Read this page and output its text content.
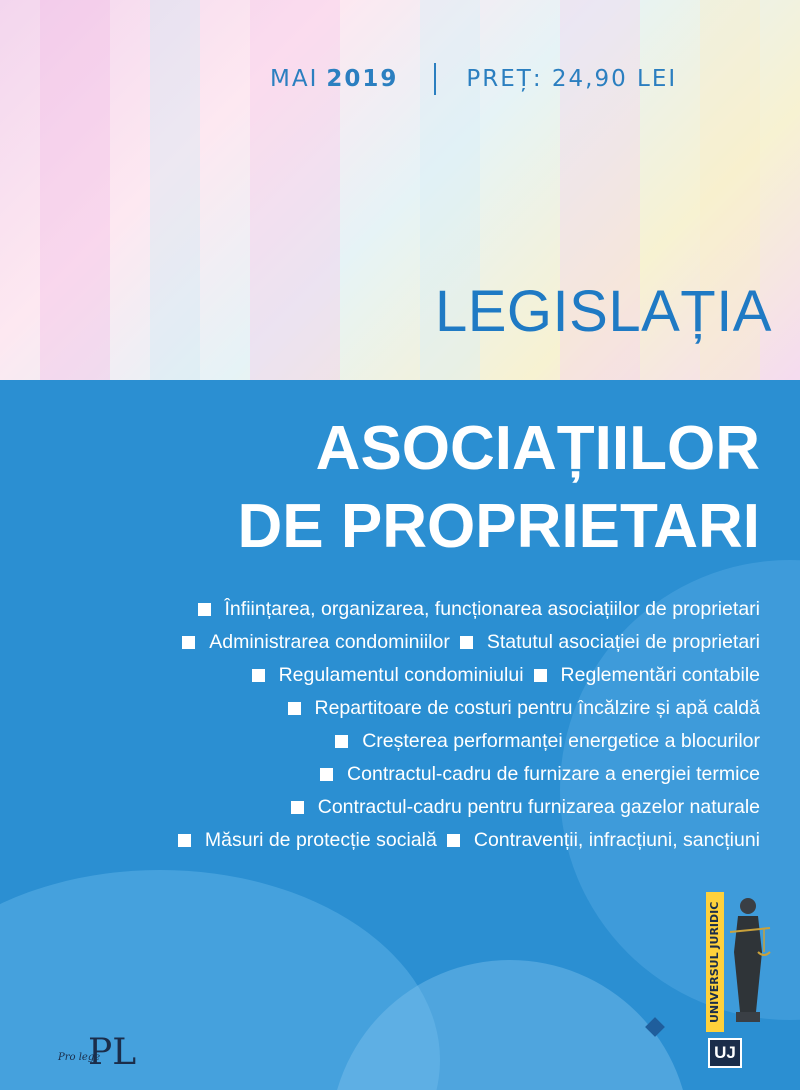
MAI 2019	PREȚ: 24,90 LEI
LEGISLAȚIA
ASOCIAȚIILOR
DE PROPRIETARI
Înființarea, organizarea, funcționarea asociațiilor de proprietari
Administrarea condominiilor Statutul asociației de proprietari
Regulamentul condominiului Reglementări contabile
Repartitoare de costuri pentru încălzire și apă caldă
Creșterea performanței energetice a blocurilor
Contractul-cadru de furnizare a energiei termice
Contractul-cadru pentru furnizarea gazelor naturale
Măsuri de protecție socială Contravenții, infracțiuni, sancțiuni
Pro lege
PL
UNIVERSUL JURIDIC
UJ
